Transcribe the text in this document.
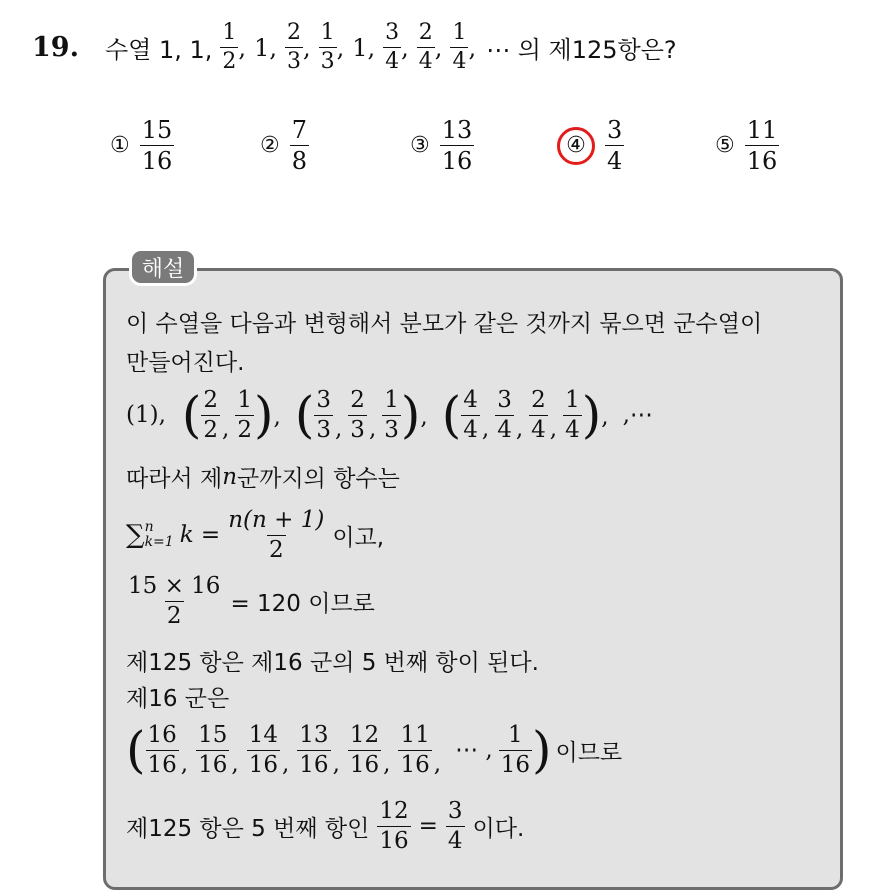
19. 수열 1, 1, $\frac{1}{2}$ , 1, $\frac{2}{3}$ , $\frac{1}{3}$ , 1, $\frac{3}{4}$ , $\frac{2}{4}$ , $\frac{1}{4}$ , ⋯ 의 제125항은?
① $\frac{15}{16}$	② $\frac{7}{8}$	③ $\frac{13}{16}$	④ $\frac{3}{4}$	⑤ $\frac{11}{16}$
해설
이 수열을 다음과 변형해서 분모가 같은 것까지 묶으면 군수열이
만들어진다.
(1), ( $\frac{2}{2}$ , $\frac{1}{2}$ ) , ( $\frac{3}{3}$ , $\frac{2}{3}$ , $\frac{1}{3}$ ) , ( $\frac{4}{4}$ , $\frac{3}{4}$ , $\frac{2}{4}$ , $\frac{1}{4}$ ) , ,⋯
따라서 제 n 군까지의 항수는
∑ n
k=1 $k = \frac{n(n + 1)}{2}$ 이고,
$\frac{15 \times 16}{2} = 120$ 이므로
제125 항은 제16 군의 5 번째 항이 된다.
제16 군은
( $\frac{16}{16}$ , $\frac{15}{16}$ , $\frac{14}{16}$ , $\frac{13}{16}$ , $\frac{12}{16}$ , $\frac{11}{16}$ ,
⋯ , $\frac{1}{16}$ ) 이므로
제125 항은 5 번째 항인 $\frac{12}{16} = \frac{3}{4}$ 이다.
